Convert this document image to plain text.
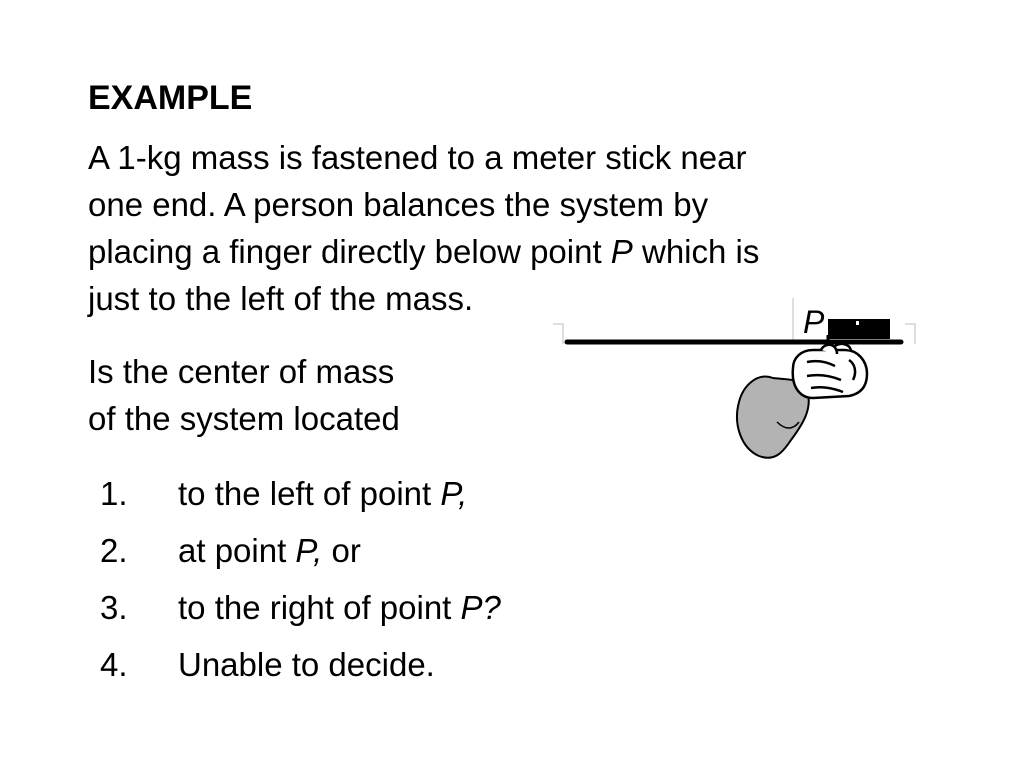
EXAMPLE

A 1-kg mass is fastened to a meter stick near
one end. A person balances the system by
placing a finger directly below point P which is
just to the left of the mass.

Is the center of mass
of the system located

1. to the left of point P,
2. at point P, or
3. to the right of point P?
4. Unable to decide.
P
